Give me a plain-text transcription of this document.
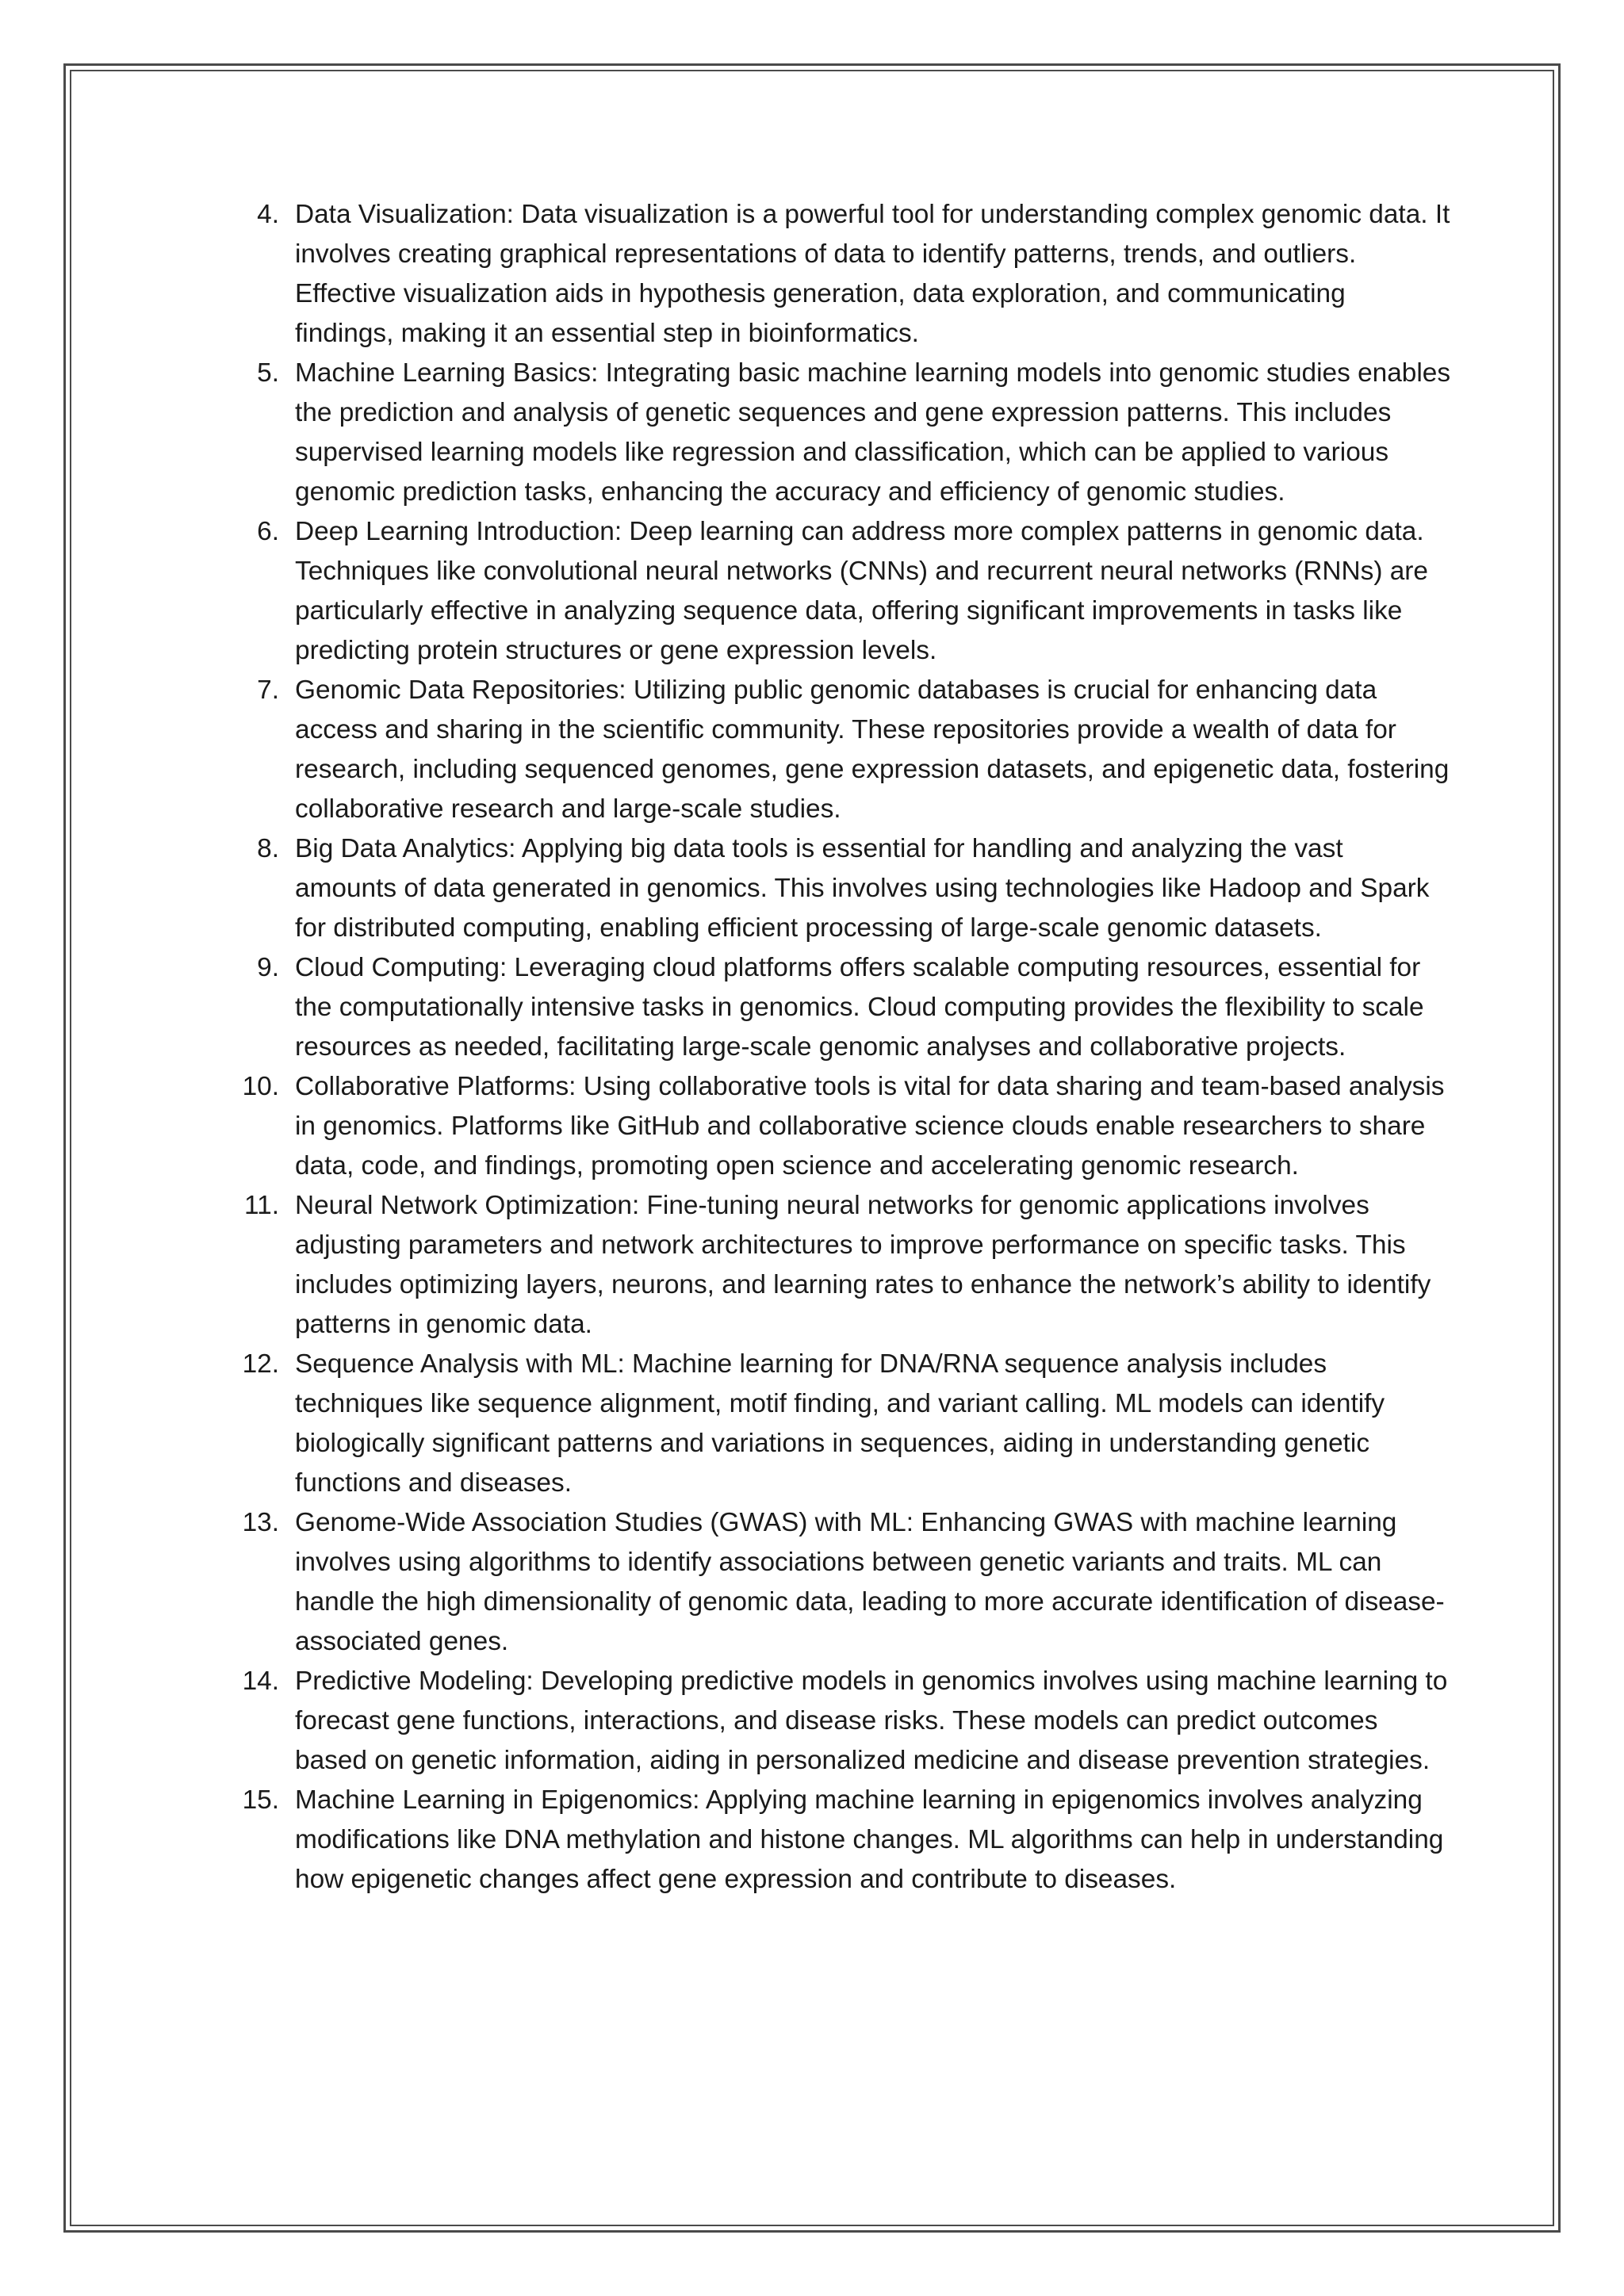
4. Data Visualization: Data visualization is a powerful tool for understanding complex genomic data. It involves creating graphical representations of data to identify patterns, trends, and outliers. Effective visualization aids in hypothesis generation, data exploration, and communicating findings, making it an essential step in bioinformatics.
5. Machine Learning Basics: Integrating basic machine learning models into genomic studies enables the prediction and analysis of genetic sequences and gene expression patterns. This includes supervised learning models like regression and classification, which can be applied to various genomic prediction tasks, enhancing the accuracy and efficiency of genomic studies.
6. Deep Learning Introduction: Deep learning can address more complex patterns in genomic data. Techniques like convolutional neural networks (CNNs) and recurrent neural networks (RNNs) are particularly effective in analyzing sequence data, offering significant improvements in tasks like predicting protein structures or gene expression levels.
7. Genomic Data Repositories: Utilizing public genomic databases is crucial for enhancing data access and sharing in the scientific community. These repositories provide a wealth of data for research, including sequenced genomes, gene expression datasets, and epigenetic data, fostering collaborative research and large-scale studies.
8. Big Data Analytics: Applying big data tools is essential for handling and analyzing the vast amounts of data generated in genomics. This involves using technologies like Hadoop and Spark for distributed computing, enabling efficient processing of large-scale genomic datasets.
9. Cloud Computing: Leveraging cloud platforms offers scalable computing resources, essential for the computationally intensive tasks in genomics. Cloud computing provides the flexibility to scale resources as needed, facilitating large-scale genomic analyses and collaborative projects.
10. Collaborative Platforms: Using collaborative tools is vital for data sharing and team-based analysis in genomics. Platforms like GitHub and collaborative science clouds enable researchers to share data, code, and findings, promoting open science and accelerating genomic research.
11. Neural Network Optimization: Fine-tuning neural networks for genomic applications involves adjusting parameters and network architectures to improve performance on specific tasks. This includes optimizing layers, neurons, and learning rates to enhance the network’s ability to identify patterns in genomic data.
12. Sequence Analysis with ML: Machine learning for DNA/RNA sequence analysis includes techniques like sequence alignment, motif finding, and variant calling. ML models can identify biologically significant patterns and variations in sequences, aiding in understanding genetic functions and diseases.
13. Genome-Wide Association Studies (GWAS) with ML: Enhancing GWAS with machine learning involves using algorithms to identify associations between genetic variants and traits. ML can handle the high dimensionality of genomic data, leading to more accurate identification of disease-associated genes.
14. Predictive Modeling: Developing predictive models in genomics involves using machine learning to forecast gene functions, interactions, and disease risks. These models can predict outcomes based on genetic information, aiding in personalized medicine and disease prevention strategies.
15. Machine Learning in Epigenomics: Applying machine learning in epigenomics involves analyzing modifications like DNA methylation and histone changes. ML algorithms can help in understanding how epigenetic changes affect gene expression and contribute to diseases.
